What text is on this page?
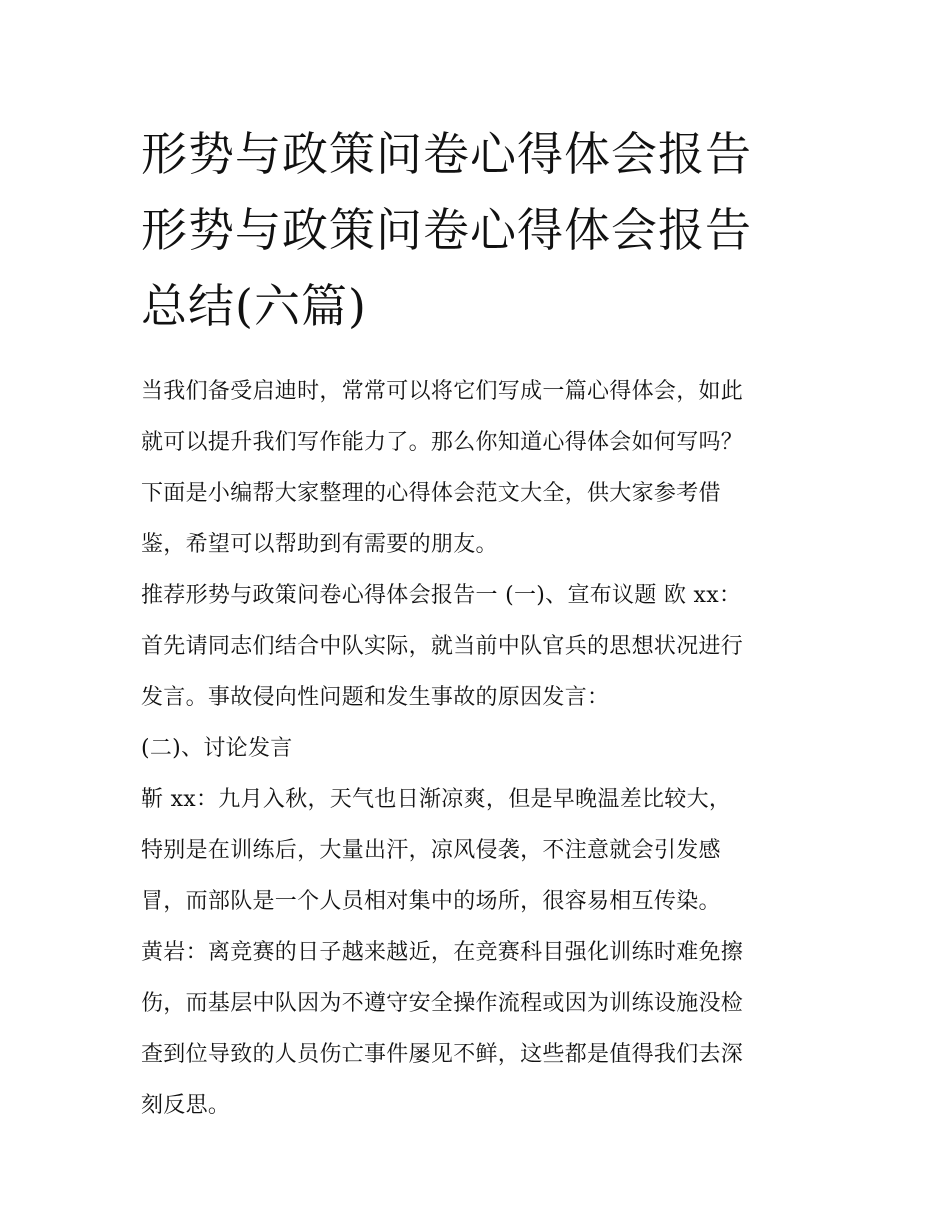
形势与政策问卷心得体会报告
形势与政策问卷心得体会报告
总结(六篇)

当我们备受启迪时，常常可以将它们写成一篇心得体会，如此
就可以提升我们写作能力了。那么你知道心得体会如何写吗？
下面是小编帮大家整理的心得体会范文大全，供大家参考借
鉴，希望可以帮助到有需要的朋友。

推荐形势与政策问卷心得体会报告一 (一)、宣布议题 欧 xx：
首先请同志们结合中队实际，就当前中队官兵的思想状况进行
发言。事故侵向性问题和发生事故的原因发言：

(二)、讨论发言

靳 xx：九月入秋，天气也日渐凉爽，但是早晚温差比较大，
特别是在训练后，大量出汗，凉风侵袭，不注意就会引发感
冒，而部队是一个人员相对集中的场所，很容易相互传染。

黄岩：离竞赛的日子越来越近，在竞赛科目强化训练时难免擦
伤，而基层中队因为不遵守安全操作流程或因为训练设施没检
查到位导致的人员伤亡事件屡见不鲜，这些都是值得我们去深
刻反思。
